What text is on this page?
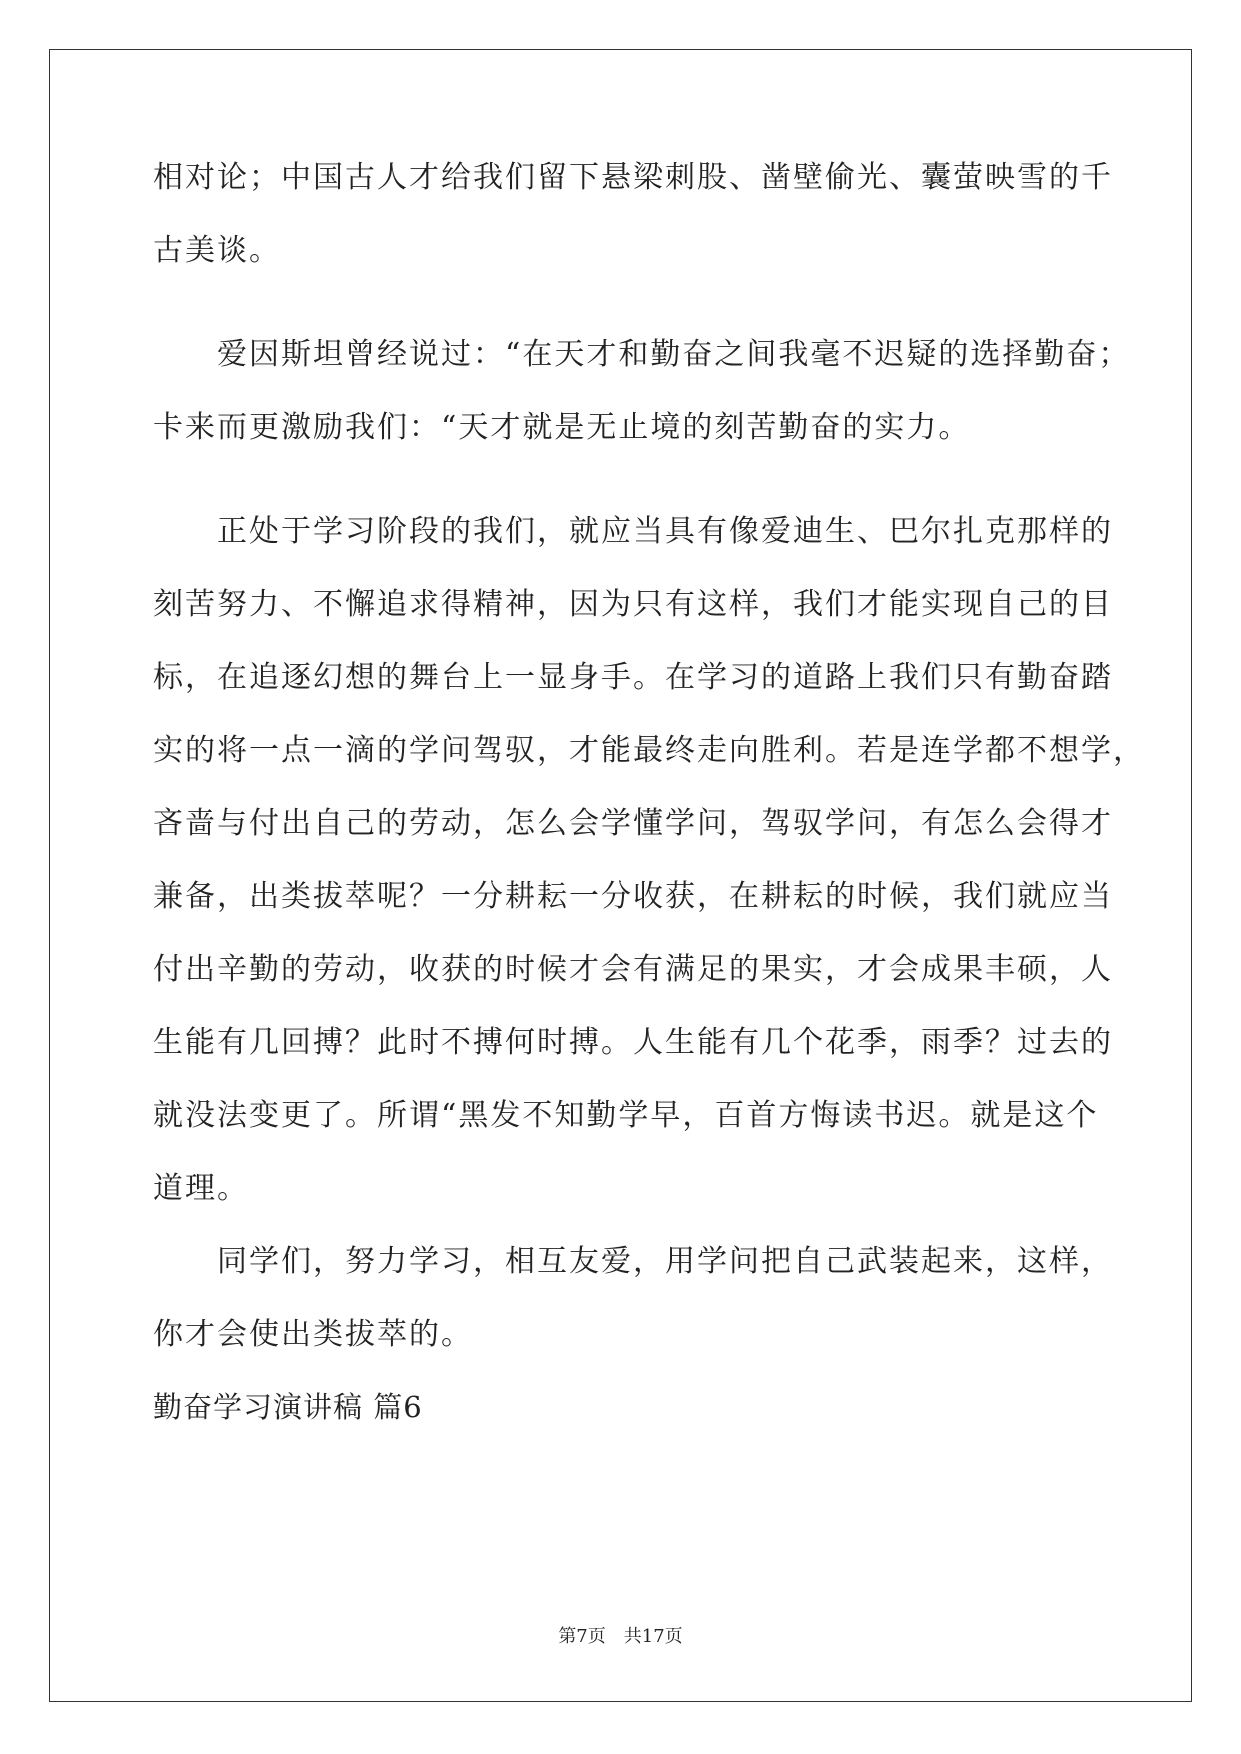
相对论；中国古人才给我们留下悬梁刺股、凿壁偷光、囊萤映雪的千
古美谈。
爱因斯坦曾经说过：“在天才和勤奋之间我毫不迟疑的选择勤奋；
卡来而更激励我们：“天才就是无止境的刻苦勤奋的实力。
正处于学习阶段的我们，就应当具有像爱迪生、巴尔扎克那样的
刻苦努力、不懈追求得精神，因为只有这样，我们才能实现自己的目
标，在追逐幻想的舞台上一显身手。在学习的道路上我们只有勤奋踏
实的将一点一滴的学问驾驭，才能最终走向胜利。若是连学都不想学，
吝啬与付出自己的劳动，怎么会学懂学问，驾驭学问，有怎么会得才
兼备，出类拔萃呢？一分耕耘一分收获，在耕耘的时候，我们就应当
付出辛勤的劳动，收获的时候才会有满足的果实，才会成果丰硕，人
生能有几回搏？此时不搏何时搏。人生能有几个花季，雨季？过去的
就没法变更了。所谓“黑发不知勤学早，百首方悔读书迟。就是这个
道理。
同学们，努力学习，相互友爱，用学问把自己武装起来，这样，
你才会使出类拔萃的。
勤奋学习演讲稿 篇6
第7页　共17页
